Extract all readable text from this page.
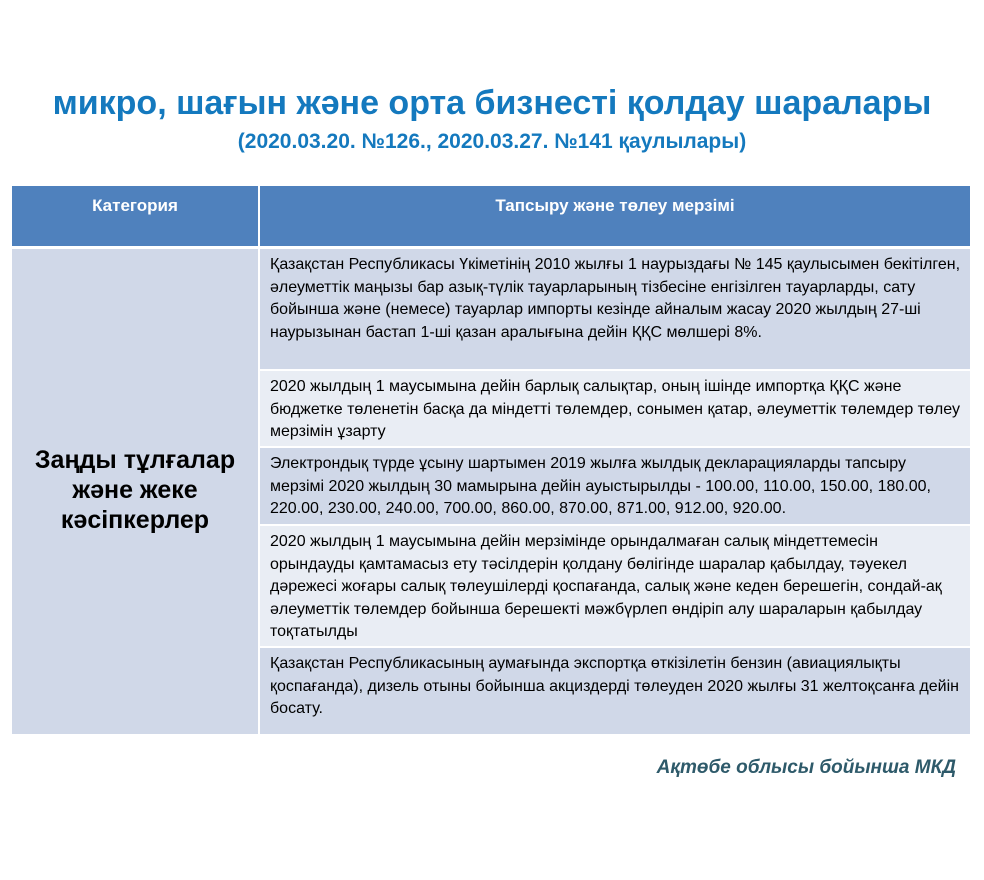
микро, шағын және орта бизнесті қолдау шаралары
(2020.03.20. №126., 2020.03.27. №141 қаулылары)
Категория	Тапсыру және төлеу мерзімі
Заңды тұлғалар
және жеке
кәсіпкерлер
Қазақстан Республикасы Үкіметінің 2010 жылғы 1 наурыздағы № 145 қаулысымен бекітілген, әлеуметтік маңызы бар азық-түлік тауарларының тізбесіне енгізілген тауарларды, сату бойынша және (немесе) тауарлар импорты кезінде айналым жасау 2020 жылдың 27-ші наурызынан бастап 1-ші қазан аралығына дейін ҚҚС мөлшері 8%.
2020 жылдың 1 маусымына дейін барлық салықтар, оның ішінде импортқа ҚҚС және бюджетке төленетін басқа да міндетті төлемдер, сонымен қатар, әлеуметтік төлемдер төлеу мерзімін ұзарту
Электрондық түрде ұсыну шартымен 2019 жылға жылдық декларацияларды тапсыру мерзімі 2020 жылдың 30 мамырына дейін ауыстырылды - 100.00, 110.00, 150.00, 180.00, 220.00, 230.00, 240.00, 700.00, 860.00, 870.00, 871.00, 912.00, 920.00.
2020 жылдың 1 маусымына дейін мерзімінде орындалмаған салық міндеттемесін орындауды қамтамасыз ету тәсілдерін қолдану бөлігінде шаралар қабылдау, тәуекел дәрежесі жоғары салық төлеушілерді қоспағанда, салық және кеден берешегін, сондай-ақ әлеуметтік төлемдер бойынша берешекті мәжбүрлеп өндіріп алу шараларын қабылдау тоқтатылды
Қазақстан Республикасының аумағында экспортқа өткізілетін бензин (авиациялықты қоспағанда), дизель отыны бойынша акциздерді төлеуден 2020 жылғы 31 желтоқсанға дейін босату.
Ақтөбе облысы бойынша МКД
